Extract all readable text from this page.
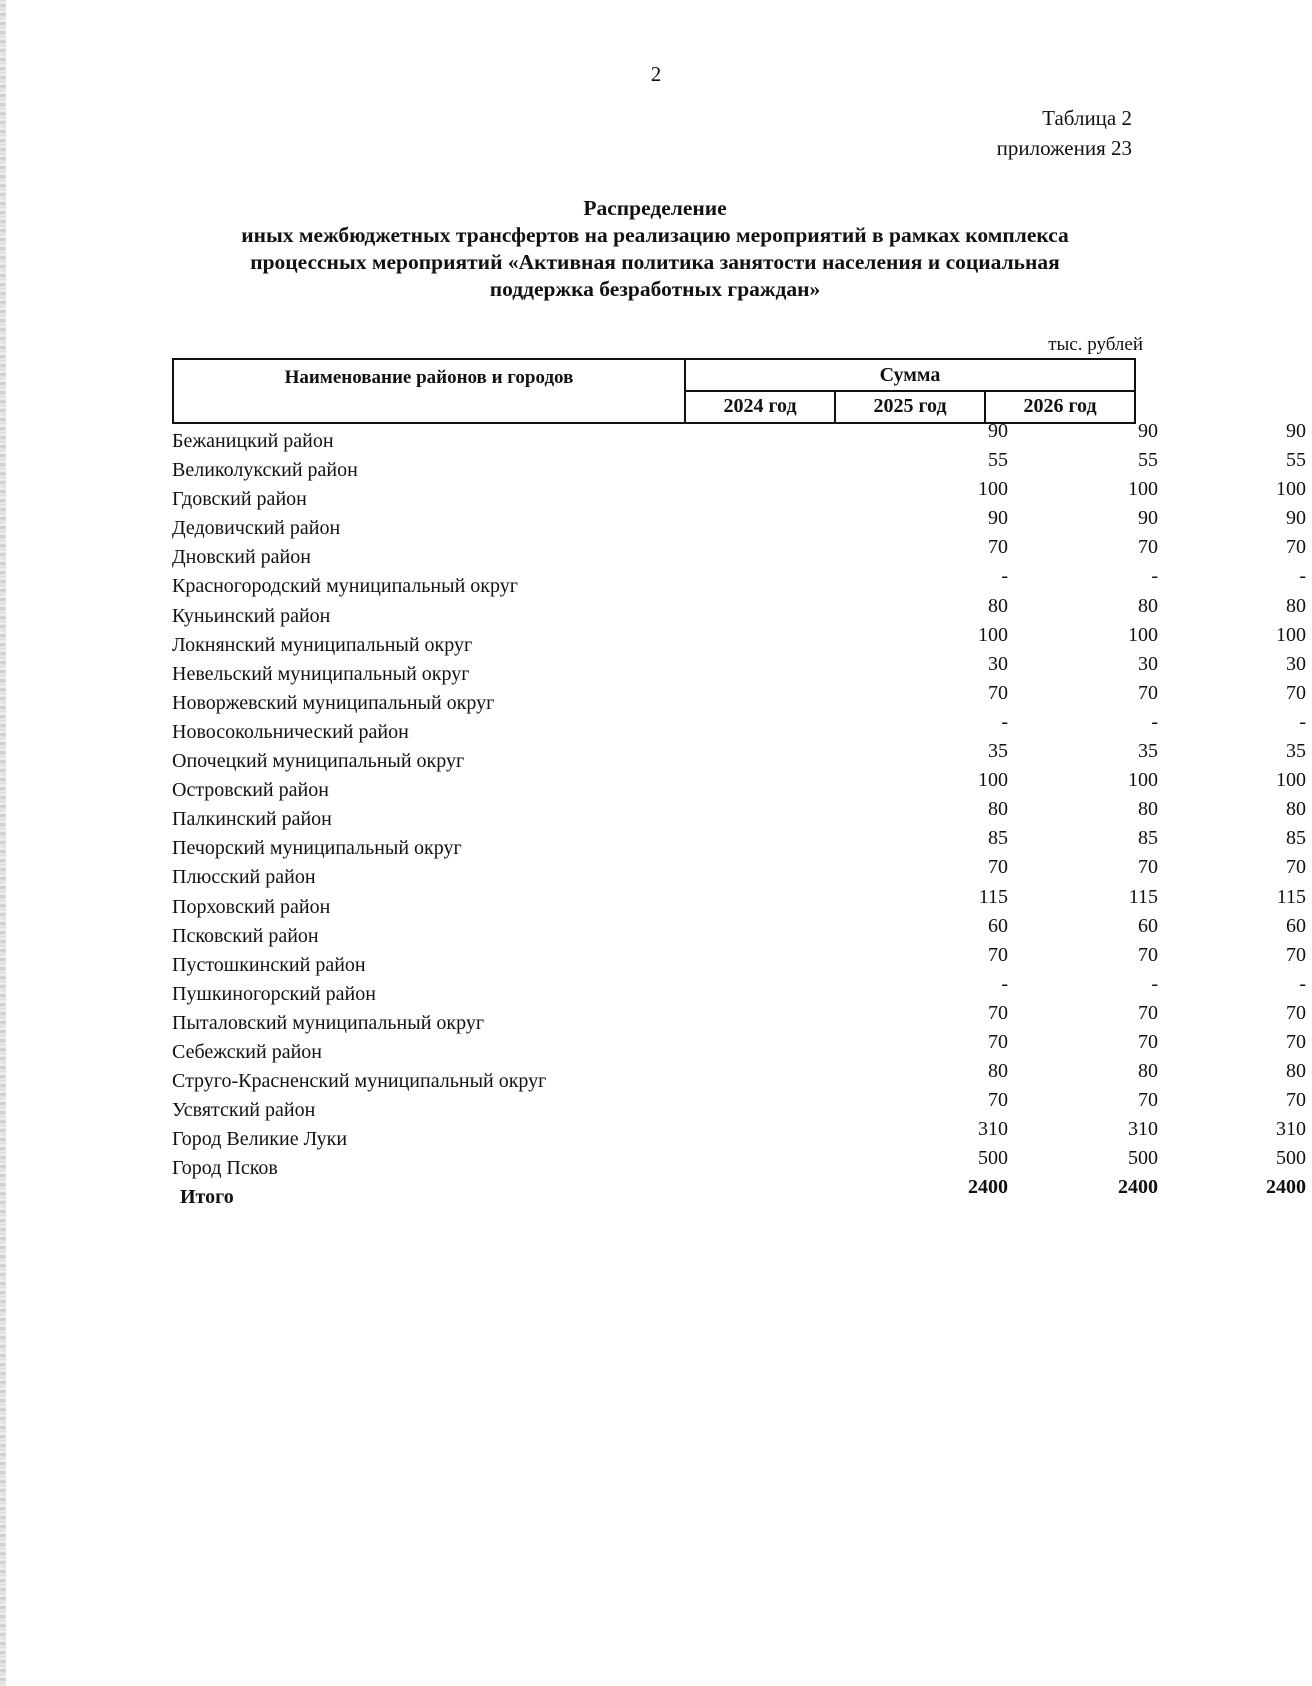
2
Таблица 2
приложения 23
Распределение
иных межбюджетных трансфертов на реализацию мероприятий в рамках комплекса
процессных мероприятий «Активная политика занятости населения и социальная
поддержка безработных граждан»
тыс. рублей
Наименование районов и городов	Сумма
2024 год	2025 год	2026 год
Бежаницкий район	90	90	90
Великолукский район	55	55	55
Гдовский район	100	100	100
Дедовичский район	90	90	90
Дновский район	70	70	70
Красногородский муниципальный округ	-	-	-
Куньинский район	80	80	80
Локнянский муниципальный округ	100	100	100
Невельский муниципальный округ	30	30	30
Новоржевский муниципальный округ	70	70	70
Новосокольнический район	-	-	-
Опочецкий муниципальный округ	35	35	35
Островский район	100	100	100
Палкинский район	80	80	80
Печорский муниципальный округ	85	85	85
Плюсский район	70	70	70
Порховский район	115	115	115
Псковский район	60	60	60
Пустошкинский район	70	70	70
Пушкиногорский район	-	-	-
Пыталовский муниципальный округ	70	70	70
Себежский район	70	70	70
Струго-Красненский муниципальный округ	80	80	80
Усвятский район	70	70	70
Город Великие Луки	310	310	310
Город Псков	500	500	500
Итого	2400	2400	2400
